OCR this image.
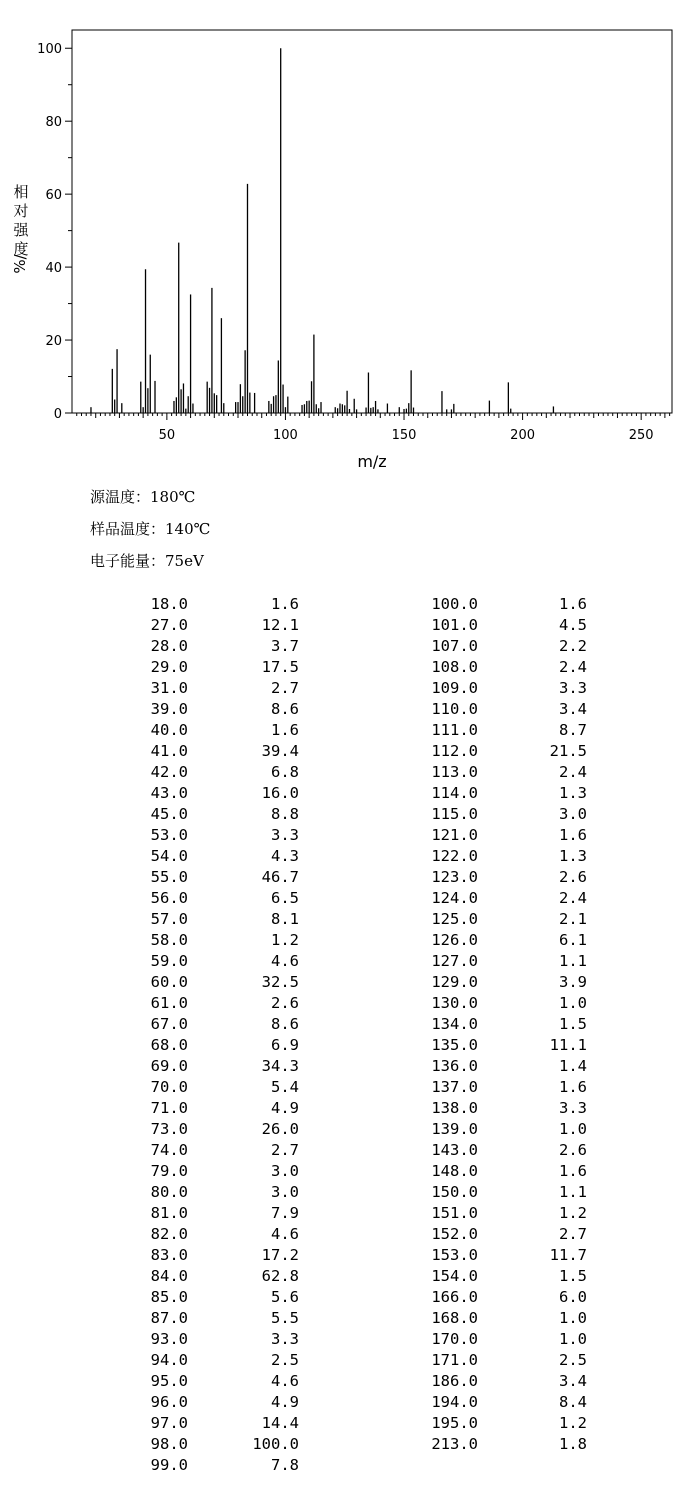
0
20
40
60
80
100
50	100	150	200	250
m/z
相
对
强
度
%/
源温度：180℃
样品温度：140℃
电子能量：75eV
18.0	1.6
27.0	12.1
28.0	3.7
29.0	17.5
31.0	2.7
39.0	8.6
40.0	1.6
41.0	39.4
42.0	6.8
43.0	16.0
45.0	8.8
53.0	3.3
54.0	4.3
55.0	46.7
56.0	6.5
57.0	8.1
58.0	1.2
59.0	4.6
60.0	32.5
61.0	2.6
67.0	8.6
68.0	6.9
69.0	34.3
70.0	5.4
71.0	4.9
73.0	26.0
74.0	2.7
79.0	3.0
80.0	3.0
81.0	7.9
82.0	4.6
83.0	17.2
84.0	62.8
85.0	5.6
87.0	5.5
93.0	3.3
94.0	2.5
95.0	4.6
96.0	4.9
97.0	14.4
98.0	100.0
99.0	7.8
100.0	1.6
101.0	4.5
107.0	2.2
108.0	2.4
109.0	3.3
110.0	3.4
111.0	8.7
112.0	21.5
113.0	2.4
114.0	1.3
115.0	3.0
121.0	1.6
122.0	1.3
123.0	2.6
124.0	2.4
125.0	2.1
126.0	6.1
127.0	1.1
129.0	3.9
130.0	1.0
134.0	1.5
135.0	11.1
136.0	1.4
137.0	1.6
138.0	3.3
139.0	1.0
143.0	2.6
148.0	1.6
150.0	1.1
151.0	1.2
152.0	2.7
153.0	11.7
154.0	1.5
166.0	6.0
168.0	1.0
170.0	1.0
171.0	2.5
186.0	3.4
194.0	8.4
195.0	1.2
213.0	1.8
